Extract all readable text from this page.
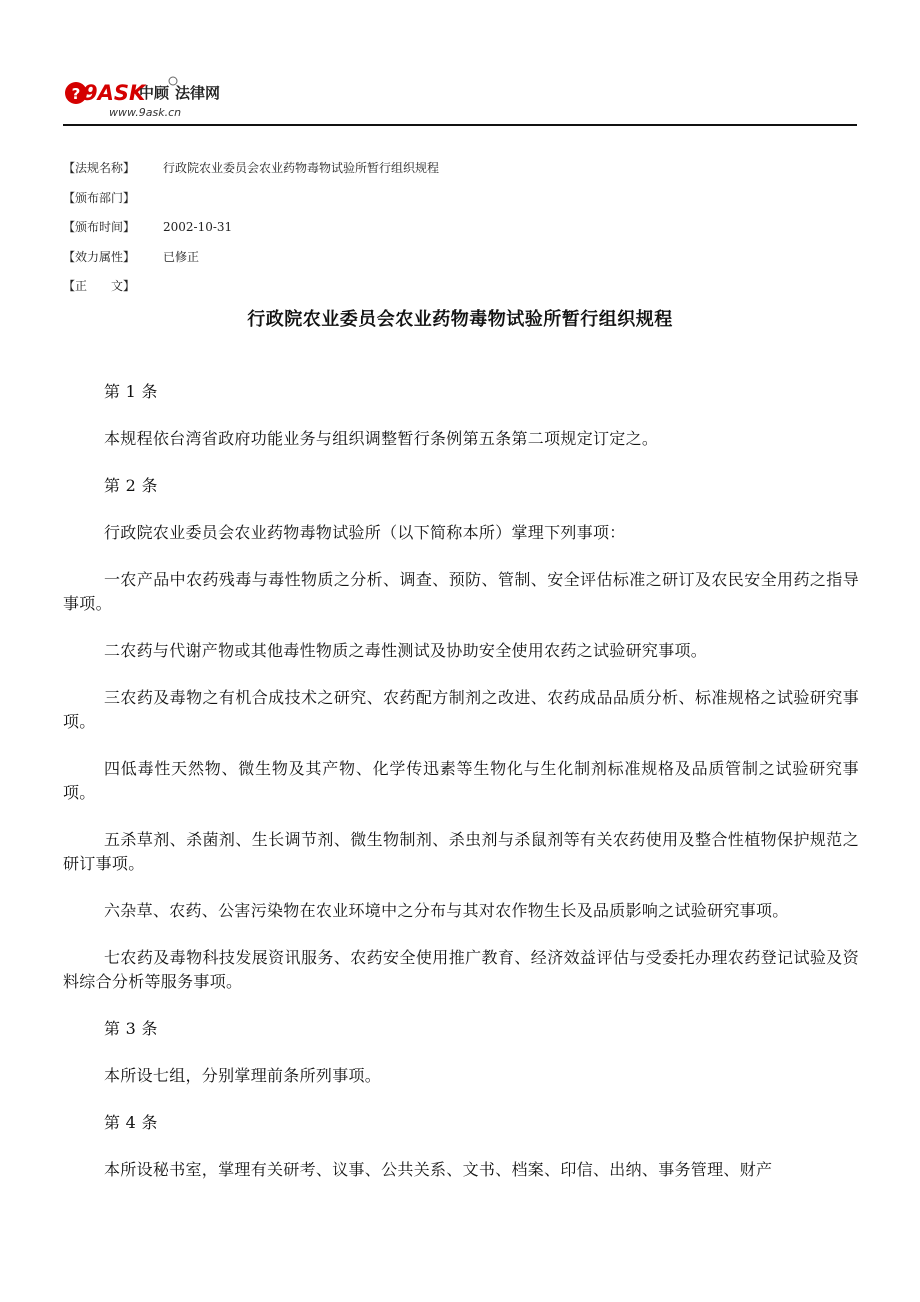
? 9ASK
中顾 法律网
www.9ask.cn
【法规名称】	行政院农业委员会农业药物毒物试验所暂行组织规程
【颁布部门】
【颁布时间】	2002-10-31
【效力属性】	已修正
【正　　文】
行政院农业委员会农业药物毒物试验所暂行组织规程

第 1 条

本规程依台湾省政府功能业务与组织调整暂行条例第五条第二项规定订定之。

第 2 条

行政院农业委员会农业药物毒物试验所（以下简称本所）掌理下列事项：

一农产品中农药残毒与毒性物质之分析、调查、预防、管制、安全评估标准之研订及农民安全用药之指导事项。

二农药与代谢产物或其他毒性物质之毒性测试及协助安全使用农药之试验研究事项。

三农药及毒物之有机合成技术之研究、农药配方制剂之改进、农药成品品质分析、标准规格之试验研究事项。

四低毒性天然物、微生物及其产物、化学传迅素等生物化与生化制剂标准规格及品质管制之试验研究事项。

五杀草剂、杀菌剂、生长调节剂、微生物制剂、杀虫剂与杀鼠剂等有关农药使用及整合性植物保护规范之研订事项。

六杂草、农药、公害污染物在农业环境中之分布与其对农作物生长及品质影响之试验研究事项。

七农药及毒物科技发展资讯服务、农药安全使用推广教育、经济效益评估与受委托办理农药登记试验及资料综合分析等服务事项。

第 3 条

本所设七组，分别掌理前条所列事项。

第 4 条

本所设秘书室，掌理有关研考、议事、公共关系、文书、档案、印信、出纳、事务管理、财产
